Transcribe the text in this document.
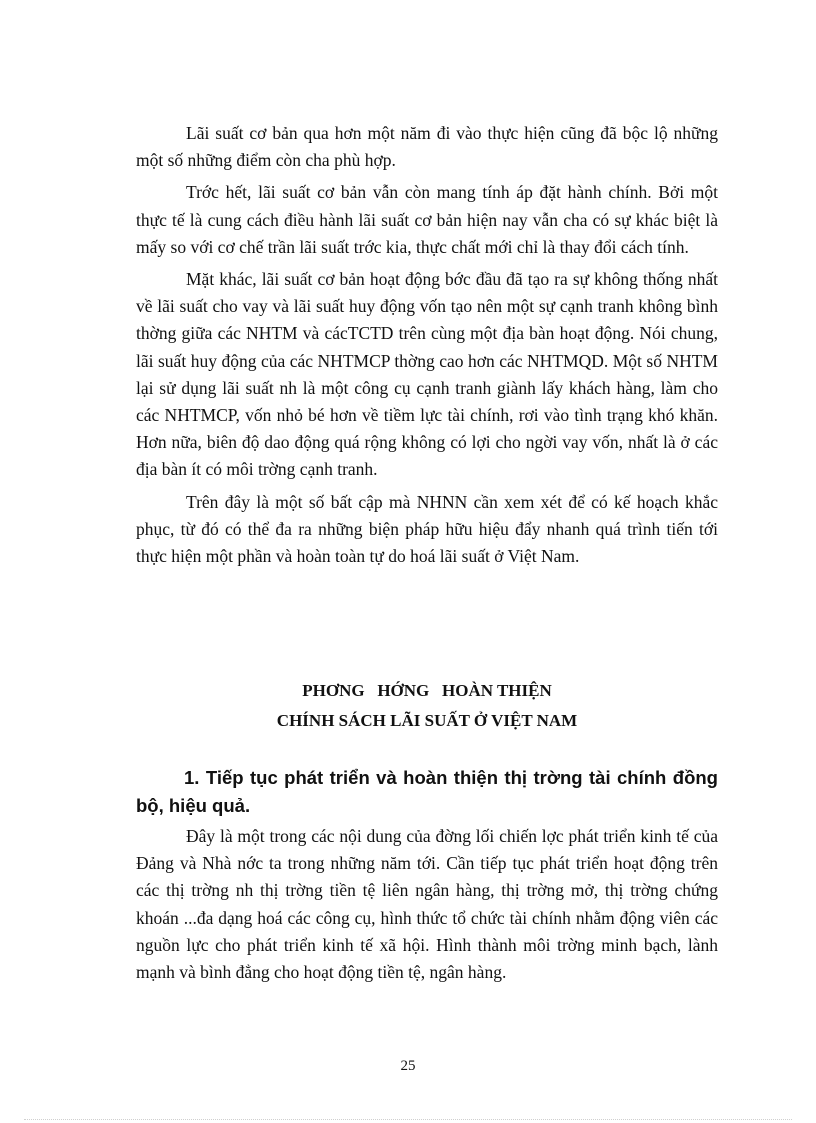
Lãi suất cơ bản qua hơn một năm đi vào thực hiện cũng đã bộc lộ những một số những điểm còn cha phù hợp.

Trớc hết, lãi suất cơ bản vẫn còn mang tính áp đặt hành chính. Bởi một thực tế là cung cách điều hành lãi suất cơ bản hiện nay vẫn cha có sự khác biệt là mấy so với cơ chế trần lãi suất trớc kia, thực chất mới chỉ là thay đổi cách tính.

Mặt khác, lãi suất cơ bản hoạt động bớc đầu đã tạo ra sự không thống nhất về lãi suất cho vay và lãi suất huy động vốn tạo nên một sự cạnh tranh không bình thờng giữa các NHTM và cácTCTD trên cùng một địa bàn hoạt động. Nói chung, lãi suất huy động của các NHTMCP thờng cao hơn các NHTMQD. Một số NHTM lại sử dụng lãi suất nh là một công cụ cạnh tranh giành lấy khách hàng, làm cho các NHTMCP, vốn nhỏ bé hơn về tiềm lực tài chính, rơi vào tình trạng khó khăn. Hơn nữa, biên độ dao động quá rộng không có lợi cho ngời vay vốn, nhất là ở các địa bàn ít có môi trờng cạnh tranh.

Trên đây là một số bất cập mà NHNN cần xem xét để có kế hoạch khắc phục, từ đó có thể đa ra những biện pháp hữu hiệu đẩy nhanh quá trình tiến tới thực hiện một phần và hoàn toàn tự do hoá lãi suất ở Việt Nam.

PHƠNG   HỚNG   HOÀN THIỆN
CHÍNH SÁCH LÃI SUẤT Ở VIỆT NAM

1. Tiếp tục phát triển và hoàn thiện thị trờng tài chính đồng bộ, hiệu quả.

Đây là một trong các nội dung của đờng lối chiến lợc phát triển kinh tế của Đảng và Nhà nớc ta trong những năm tới. Cần tiếp tục phát triển hoạt động trên các thị trờng nh thị trờng tiền tệ liên ngân hàng, thị trờng mở, thị trờng chứng khoán ...đa dạng hoá các công cụ, hình thức tổ chức tài chính nhằm động viên các nguồn lực cho phát triển kinh tế xã hội. Hình thành môi trờng minh bạch, lành mạnh và bình đẳng cho hoạt động tiền tệ, ngân hàng.

25
